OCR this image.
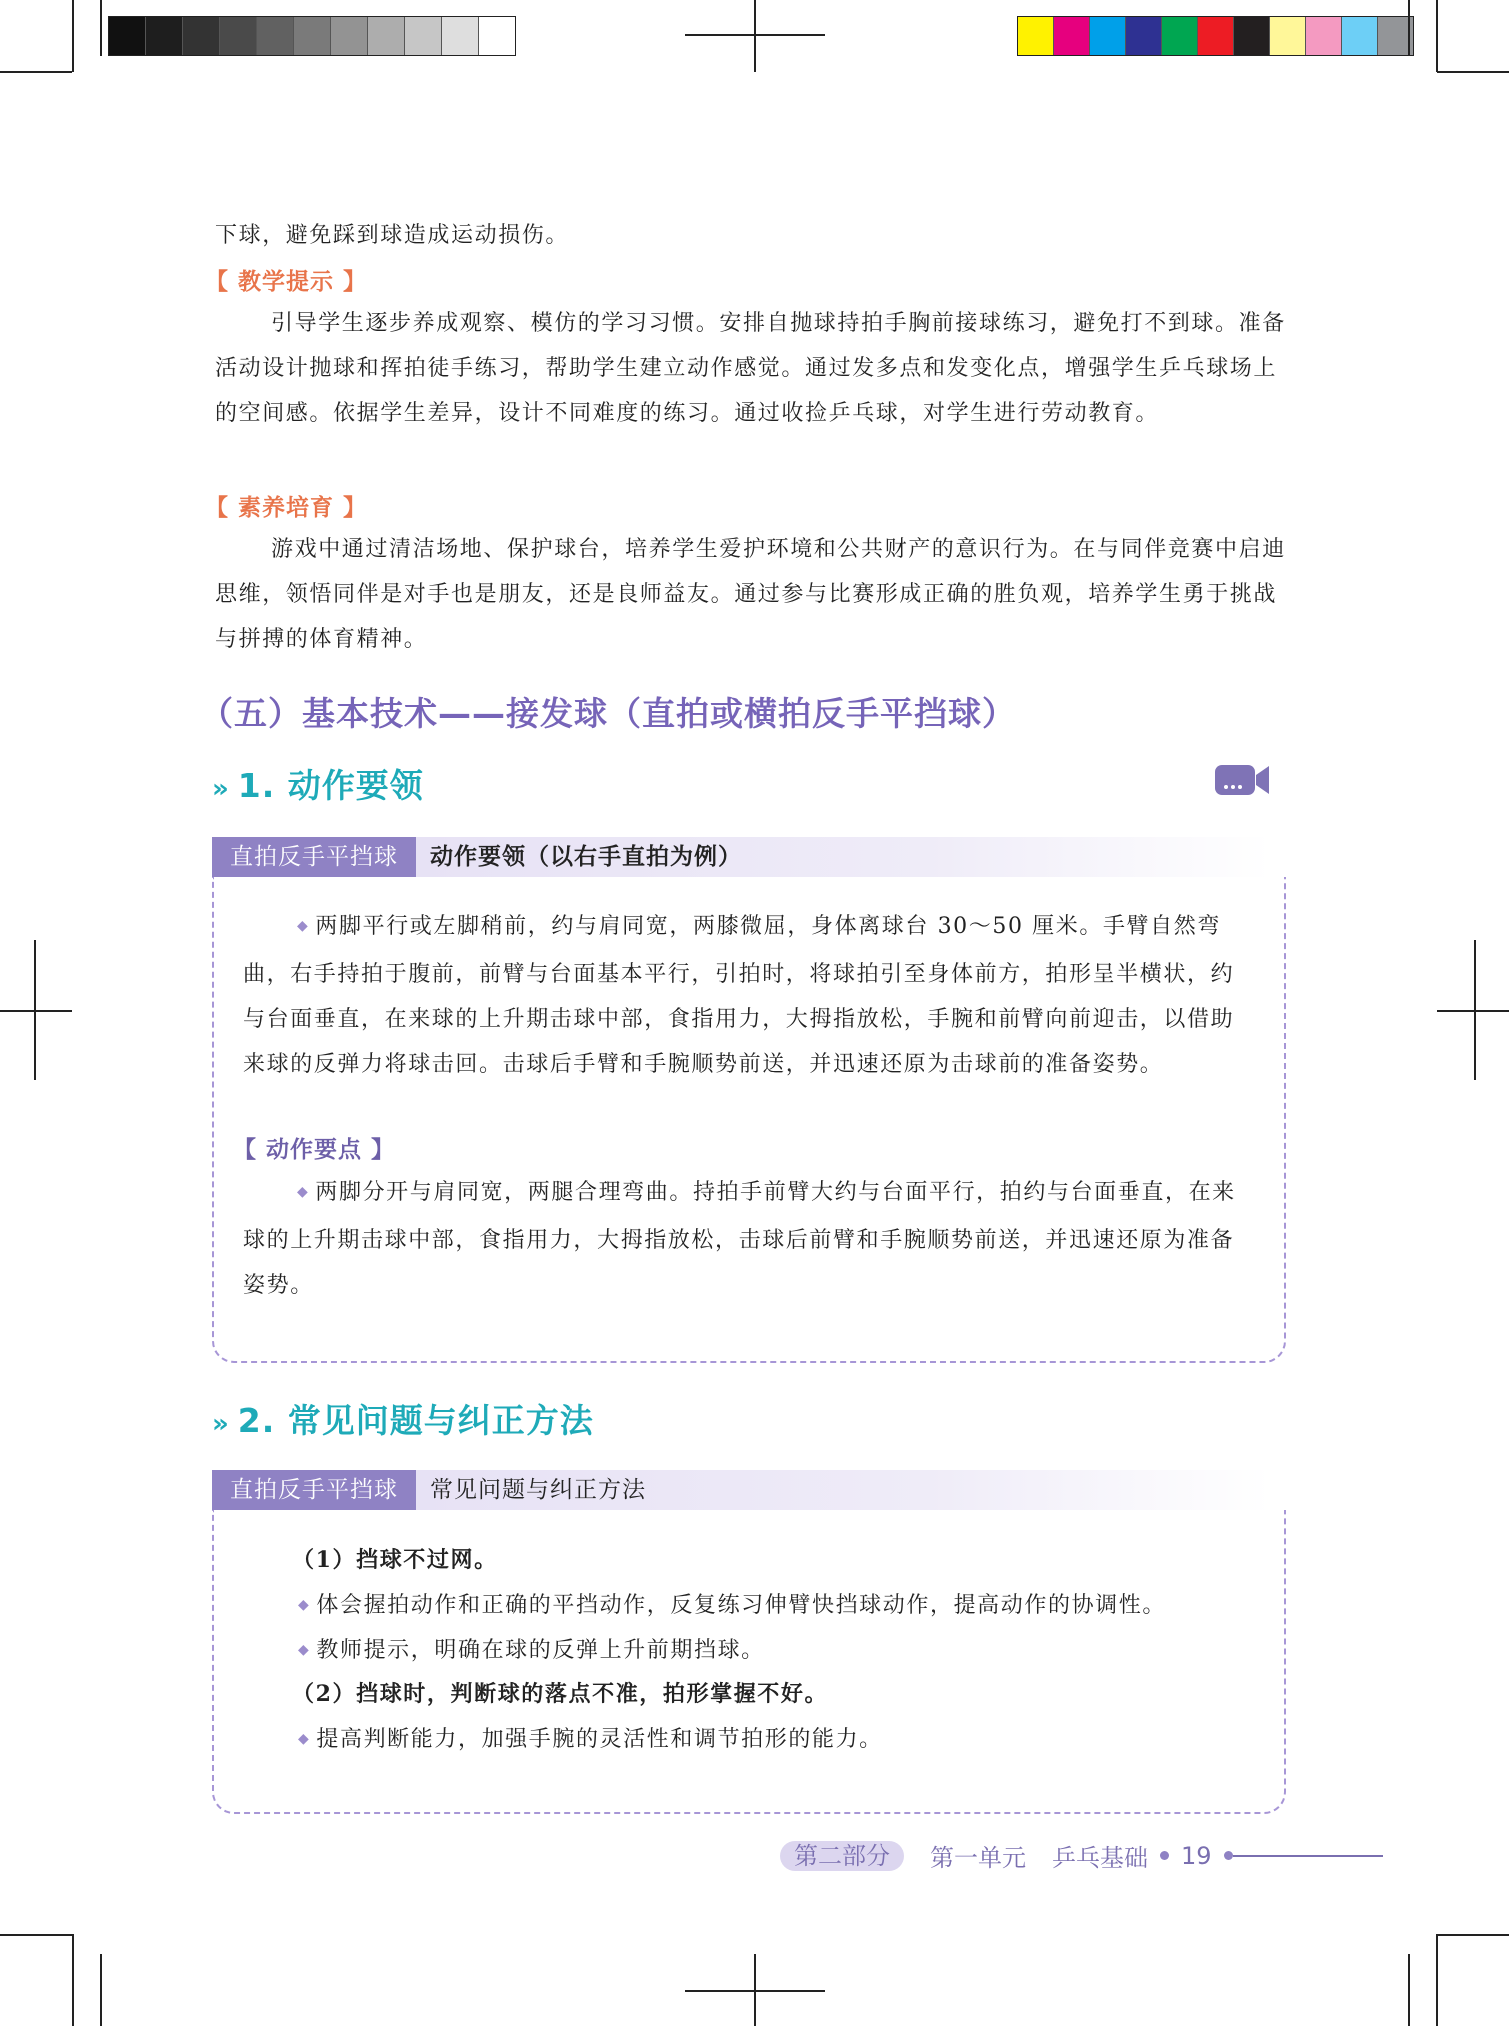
下球，避免踩到球造成运动损伤。
【 教学提示 】
引导学生逐步养成观察、模仿的学习习惯。安排自抛球持拍手胸前接球练习，避免打不到球。准备活动设计抛球和挥拍徒手练习，帮助学生建立动作感觉。通过发多点和发变化点，增强学生乒乓球场上的空间感。依据学生差异，设计不同难度的练习。通过收捡乒乓球，对学生进行劳动教育。
【 素养培育 】
游戏中通过清洁场地、保护球台，培养学生爱护环境和公共财产的意识行为。在与同伴竞赛中启迪思维，领悟同伴是对手也是朋友，还是良师益友。通过参与比赛形成正确的胜负观，培养学生勇于挑战与拼搏的体育精神。
（五）基本技术——接发球（直拍或横拍反手平挡球）
» 1. 动作要领
直拍反手平挡球	动作要领（以右手直拍为例）
◆ 两脚平行或左脚稍前，约与肩同宽，两膝微屈，身体离球台 30～50 厘米。手臂自然弯曲，右手持拍于腹前，前臂与台面基本平行，引拍时，将球拍引至身体前方，拍形呈半横状，约与台面垂直，在来球的上升期击球中部，食指用力，大拇指放松，手腕和前臂向前迎击，以借助来球的反弹力将球击回。击球后手臂和手腕顺势前送，并迅速还原为击球前的准备姿势。
【 动作要点 】
◆ 两脚分开与肩同宽，两腿合理弯曲。持拍手前臂大约与台面平行，拍约与台面垂直，在来球的上升期击球中部，食指用力，大拇指放松，击球后前臂和手腕顺势前送，并迅速还原为准备姿势。
» 2. 常见问题与纠正方法
直拍反手平挡球	常见问题与纠正方法
（1）挡球不过网。
◆ 体会握拍动作和正确的平挡动作，反复练习伸臂快挡球动作，提高动作的协调性。
◆ 教师提示，明确在球的反弹上升前期挡球。
（2）挡球时，判断球的落点不准，拍形掌握不好。
◆ 提高判断能力，加强手腕的灵活性和调节拍形的能力。
第二部分	第一单元 乒乓基础 19
